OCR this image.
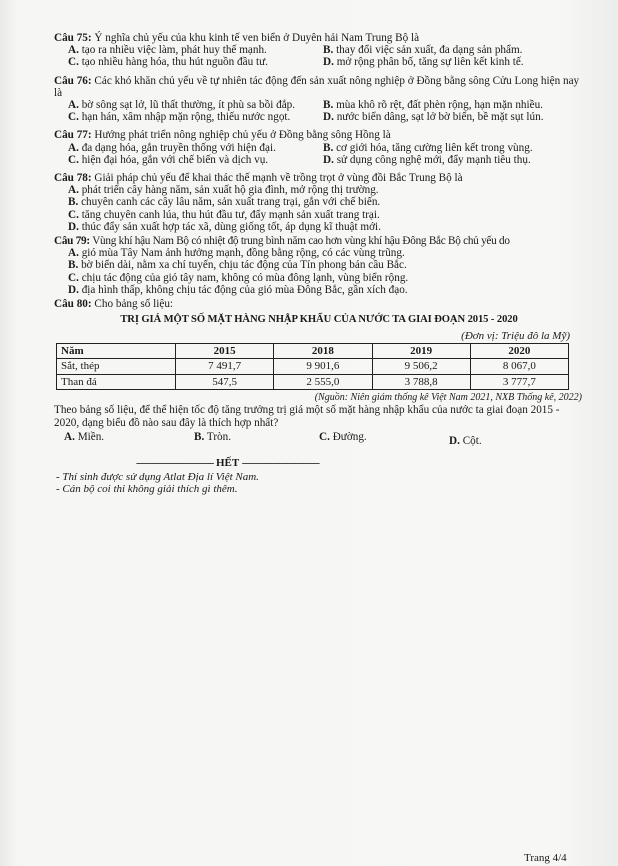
Câu 75: Ý nghĩa chủ yếu của khu kinh tế ven biển ở Duyên hải Nam Trung Bộ là
A. tạo ra nhiều việc làm, phát huy thế mạnh.	B. thay đổi việc sản xuất, đa dạng sản phẩm.
C. tạo nhiều hàng hóa, thu hút nguồn đầu tư.	D. mở rộng phân bố, tăng sự liên kết kinh tế.
Câu 76: Các khó khăn chủ yếu về tự nhiên tác động đến sản xuất nông nghiệp ở Đồng bằng sông Cửu Long hiện nay là
A. bờ sông sạt lở, lũ thất thường, ít phù sa bồi đắp.	B. mùa khô rõ rệt, đất phèn rộng, hạn mặn nhiều.
C. hạn hán, xâm nhập mặn rộng, thiếu nước ngọt.	D. nước biển dâng, sạt lở bờ biển, bề mặt sụt lún.
Câu 77: Hướng phát triển nông nghiệp chủ yếu ở Đồng bằng sông Hồng là
A. đa dạng hóa, gắn truyền thống với hiện đại.	B. cơ giới hóa, tăng cường liên kết trong vùng.
C. hiện đại hóa, gắn với chế biến và dịch vụ.	D. sử dụng công nghệ mới, đẩy mạnh tiêu thụ.
Câu 78: Giải pháp chủ yếu để khai thác thế mạnh về trồng trọt ở vùng đồi Bắc Trung Bộ là
A. phát triển cây hàng năm, sản xuất hộ gia đình, mở rộng thị trường.
B. chuyên canh các cây lâu năm, sản xuất trang trại, gắn với chế biến.
C. tăng chuyên canh lúa, thu hút đầu tư, đẩy mạnh sản xuất trang trại.
D. thúc đẩy sản xuất hợp tác xã, dùng giống tốt, áp dụng kĩ thuật mới.
Câu 79: Vùng khí hậu Nam Bộ có nhiệt độ trung bình năm cao hơn vùng khí hậu Đông Bắc Bộ chủ yếu do
A. gió mùa Tây Nam ảnh hưởng mạnh, đồng bằng rộng, có các vùng trũng.
B. bờ biển dài, nằm xa chí tuyến, chịu tác động của Tín phong bán cầu Bắc.
C. chịu tác động của gió tây nam, không có mùa đông lạnh, vùng biển rộng.
D. địa hình thấp, không chịu tác động của gió mùa Đông Bắc, gần xích đạo.
Câu 80: Cho bảng số liệu:
TRỊ GIÁ MỘT SỐ MẶT HÀNG NHẬP KHẨU CỦA NƯỚC TA GIAI ĐOẠN 2015 - 2020
(Đơn vị: Triệu đô la Mỹ)
Năm	2015	2018	2019	2020
Sắt, thép	7 491,7	9 901,6	9 506,2	8 067,0
Than đá	547,5	2 555,0	3 788,8	3 777,7
(Nguồn: Niên giám thống kê Việt Nam 2021, NXB Thống kê, 2022)
Theo bảng số liệu, để thể hiện tốc độ tăng trưởng trị giá một số mặt hàng nhập khẩu của nước ta giai đoạn 2015 - 2020, dạng biểu đồ nào sau đây là thích hợp nhất?
A. Miền.	B. Tròn.	C. Đường.	D. Cột.
----------------------------- HẾT -----------------------------
- Thí sinh được sử dụng Atlat Địa lí Việt Nam.
- Cán bộ coi thi không giải thích gì thêm.
Trang 4/4
